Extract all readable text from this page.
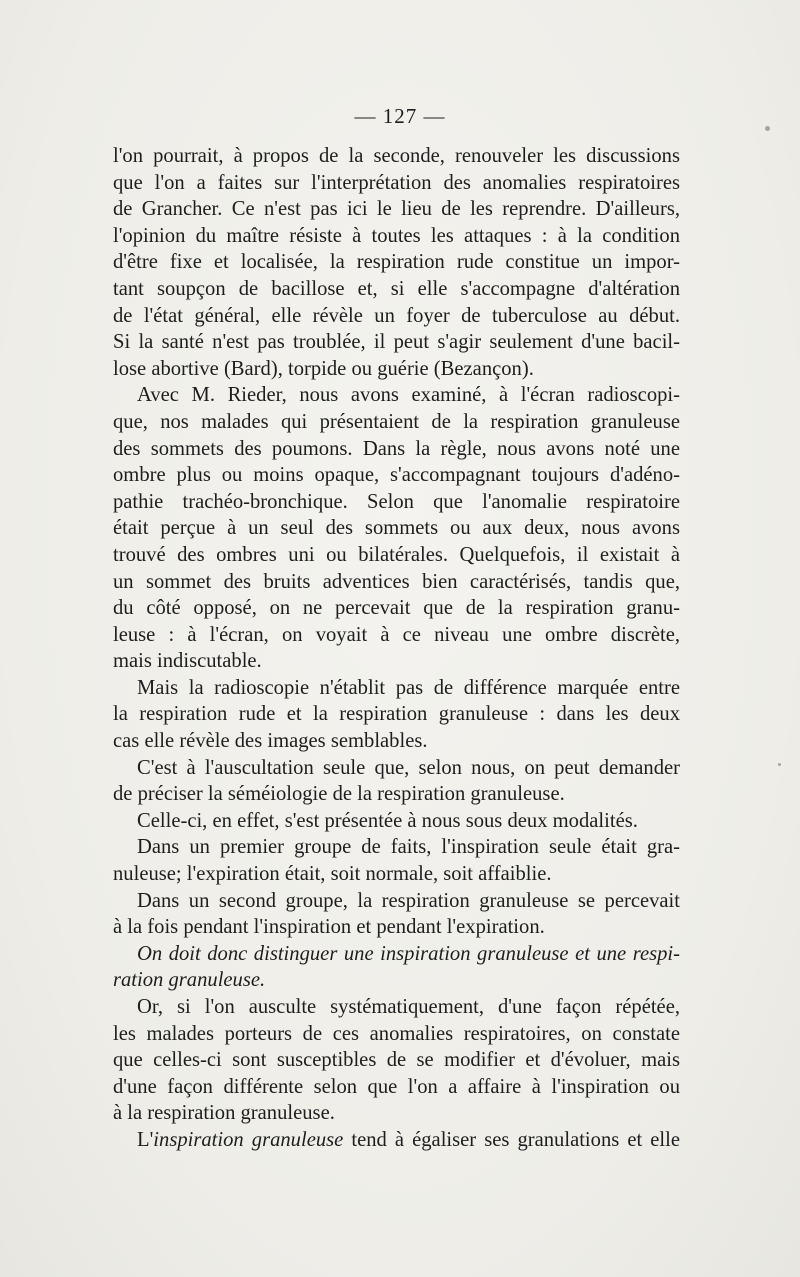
— 127 —
l'on pourrait, à propos de la seconde, renouveler les discussions
que l'on a faites sur l'interprétation des anomalies respiratoires
de Grancher. Ce n'est pas ici le lieu de les reprendre. D'ailleurs,
l'opinion du maître résiste à toutes les attaques : à la condition
d'être fixe et localisée, la respiration rude constitue un impor-
tant soupçon de bacillose et, si elle s'accompagne d'altération
de l'état général, elle révèle un foyer de tuberculose au début.
Si la santé n'est pas troublée, il peut s'agir seulement d'une bacil-
lose abortive (Bard), torpide ou guérie (Bezançon).
Avec M. Rieder, nous avons examiné, à l'écran radioscopi-
que, nos malades qui présentaient de la respiration granuleuse
des sommets des poumons. Dans la règle, nous avons noté une
ombre plus ou moins opaque, s'accompagnant toujours d'adéno-
pathie trachéo-bronchique. Selon que l'anomalie respiratoire
était perçue à un seul des sommets ou aux deux, nous avons
trouvé des ombres uni ou bilatérales. Quelquefois, il existait à
un sommet des bruits adventices bien caractérisés, tandis que,
du côté opposé, on ne percevait que de la respiration granu-
leuse : à l'écran, on voyait à ce niveau une ombre discrète,
mais indiscutable.
Mais la radioscopie n'établit pas de différence marquée entre
la respiration rude et la respiration granuleuse : dans les deux
cas elle révèle des images semblables.
C'est à l'auscultation seule que, selon nous, on peut demander
de préciser la séméiologie de la respiration granuleuse.
Celle-ci, en effet, s'est présentée à nous sous deux modalités.
Dans un premier groupe de faits, l'inspiration seule était gra-
nuleuse; l'expiration était, soit normale, soit affaiblie.
Dans un second groupe, la respiration granuleuse se percevait
à la fois pendant l'inspiration et pendant l'expiration.
On doit donc distinguer une inspiration granuleuse et une respi-
ration granuleuse.
Or, si l'on ausculte systématiquement, d'une façon répétée,
les malades porteurs de ces anomalies respiratoires, on constate
que celles-ci sont susceptibles de se modifier et d'évoluer, mais
d'une façon différente selon que l'on a affaire à l'inspiration ou
à la respiration granuleuse.
L'inspiration granuleuse tend à égaliser ses granulations et elle
